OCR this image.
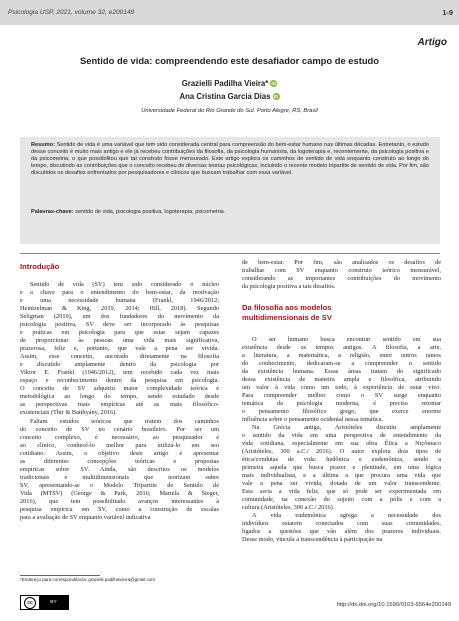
Psicologia USP, 2021, volume 32, e200149	1-9
Artigo
Sentido de vida: compreendendo este desafiador campo de estudo
Grazielli Padilha Vieira* iD
Ana Cristina Garcia Dias iD
Universidade Federal do Rio Grande do Sul. Porto Alegre, RS, Brasil
Resumo: Sentido de vida é uma variável que tem sido considerada central para compreensão do bem-estar humano nas últimas décadas. Entretanto, o estudo desse conceito é muito mais antigo e ele já recebeu contribuições da filosofia, da psicologia humanista, da logoterapia e, recentemente, da psicologia positiva e da psicometria, o que possibilitou que tal construto fosse mensurado. Este artigo explora os caminhos de sentido de vida enquanto construto ao longo do tempo, discutindo as contribuições que o conceito recebeu de diversas teorias psicológicas, incluindo o recente modelo tripartite de sentido de vida. Por fim, são discutidos os desafios enfrentados por pesquisadores e clínicos que buscam trabalhar com essa variável.
Palavras-chave: sentido de vida, psicologia positiva, logoterapia, psicometria.
Introdução
Sentido de vida (SV) tem sido considerado o núcleo
e a chave para o entendimento do bem-estar, da motivação
e uma necessidade humana (Frankl, 1946/2012;
Heintzelman & King, 2019, 2014; Hill, 2018). Segundo
Seligman (2019), um dos fundadores do movimento da
psicologia positiva, SV deve ser incorporado às pesquisas
e práticas em psicologia para que estas sejam capazes
de proporcionar às pessoas uma vida mais significativa,
prazerosa, feliz e, portanto, que vale a pena ser vivida.
Assim, esse conceito, ancorado diretamente na filosofia
e discutido amplamente dentro da psicologia por
Viktor E. Frankl (1946/2012), tem recebido cada vez mais
espaço e reconhecimento dentro da pesquisa em psicologia.
O conceito de SV adquiriu maior complexidade teórica e
metodológica ao longo do tempo, sendo estudado desde
as perspectivas mais empíricas até as mais filosófico-
existenciais (Thir & Batthyány, 2016).
Faltam estudos teóricos que tratem dos caminhos
do conceito de SV no cenário brasileiro. Por ser um
conceito complexo, é necessário, ao pesquisador e
ao clínico, conhecê-lo melhor para utilizá-lo em seu
cotidiano. Assim, o objetivo deste artigo é apresentar
as diferentes concepções teóricas e propostas
empíricas sobre SV. Ainda, são descritos os modelos
tradicionais e multidimensionais que teorizam sobre
SV, apresentando-se o Modelo Tripartite de Sentido de
Vida (MTSV) (George & Park, 2016; Martela & Steger,
2016), que tem possibilitado avanços interessantes à
pesquisa empírica em SV, como a construção de escalas
para a avaliação de SV enquanto variável indicativa
de bem-estar. Por fim, são analisados os desafios de
trabalhar com SV enquanto construto teórico mensurável,
considerando as importantes contribuições do movimento
da psicologia positiva a tais desafios.
O ser humano busca encontrar sentido em sua
existência desde os tempos antigos. A filosofia, a arte,
a literatura, a matemática, a religião, entre outros ramos
do conhecimento, dedicaram-se a compreender o sentido
da existência humana. Essas áreas tratam do significado
dessa existência de maneira ampla e filosófica, atribuindo
um valor à vida como um todo, à experiência de estar vivo.
Para compreender melhor como o SV surge enquanto
temática da psicologia moderna, é preciso retomar
o pensamento filosófico grego, que exerce enorme
influência sobre o pensamento ocidental nessa temática.
Na Grécia antiga, Aristóteles discutiu amplamente
o sentido da vida em uma perspectiva de entendimento da
vida cotidiana, especialmente em sua obra Ética a Nicômaco
(Aristóteles, 300 a.C./ 2016). O autor explora dois tipos de
ética/condutas de vida: hedônica e eudemônica, sendo a
primeira aquela que busca prazer e plenitude, em uma lógica
mais individualista, e a última a que procura uma vida que
vale a pena ser vivida, dotada de um valor transcendente.
Esta seria a vida feliz, que só pode ser experimentada em
comunidade, na conexão do sujeito com a pólis e com a
cultura (Aristóteles, 300 a.C./ 2016).
A vida eudemônica agrega a necessidade dos
indivíduos estarem conectados com suas comunidades,
ligados a questões que vão além dos prazeres individuais.
Desse modo, vincula a transcendência à participação na
Da filosofia aos modelos
multidimensionais de SV
*Endereço para correspondência: grazielli.padilhavieira@gmail.com
cc	BY	http://dx.doi.org/10.1590/0103-6564e200149
